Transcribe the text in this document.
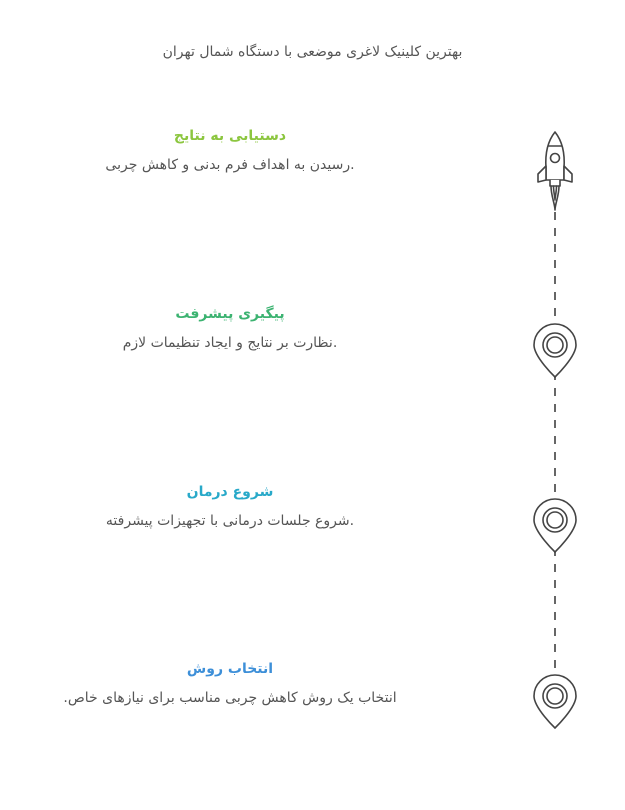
بهترین کلینیک لاغری موضعی با دستگاه شمال تهران
دستیابی به نتایج
.رسیدن به اهداف فرم بدنی و کاهش چربی
پیگیری پیشرفت
.نظارت بر نتایج و ایجاد تنظیمات لازم
شروع درمان
.شروع جلسات درمانی با تجهیزات پیشرفته
انتخاب روش
انتخاب یک روش کاهش چربی مناسب برای نیازهای خاص.
